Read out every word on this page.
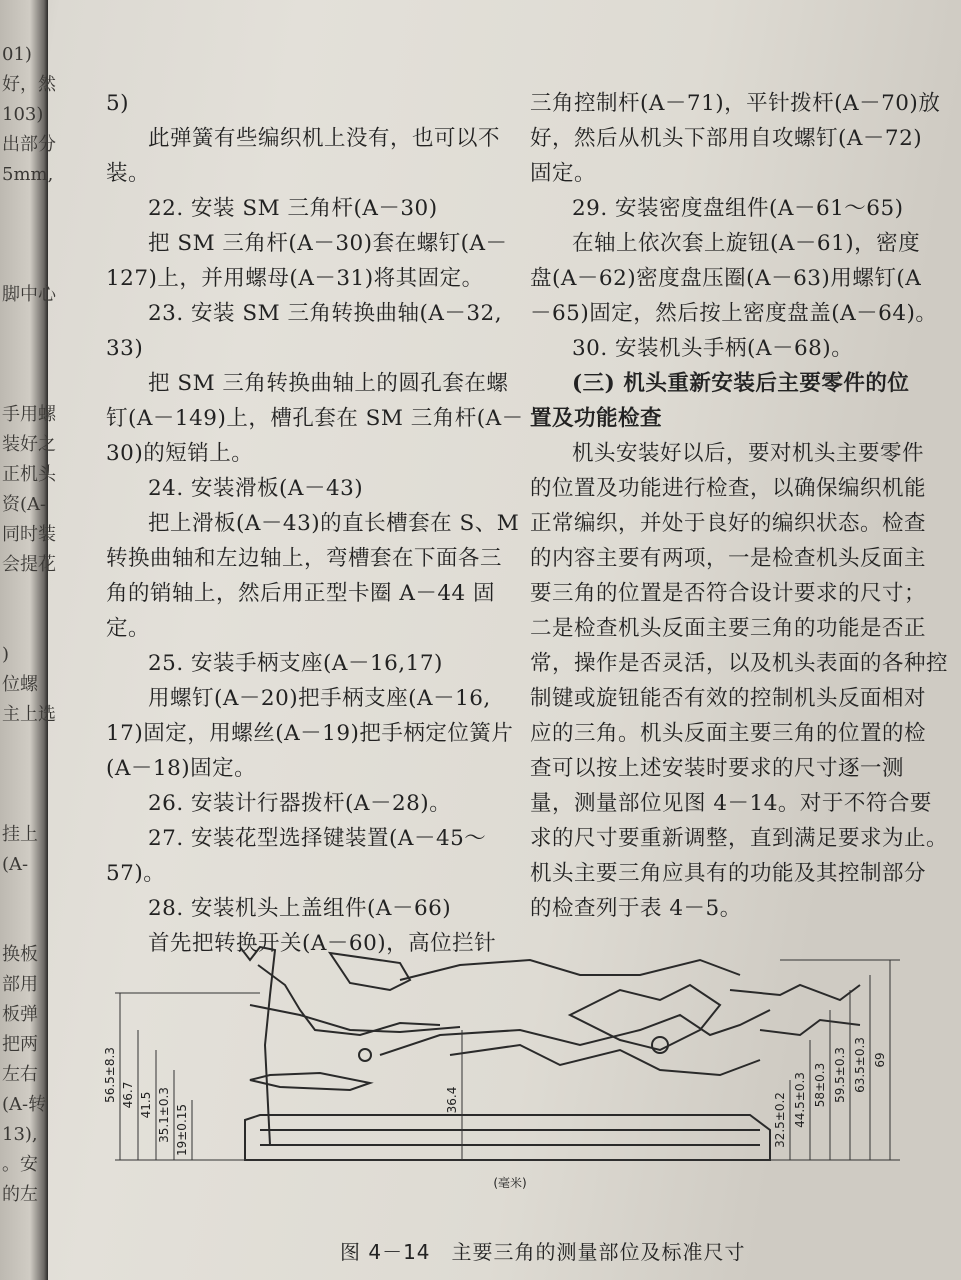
01)
好，然
103)
出部分
5mm,
脚中心
手用螺
装好之
正机头
资(A-
同时装
会提花
)
位螺
主上选
挂上
(A-
换板
部用
板弹
把两
左右
(A-转
13),
。安
的左
5)
此弹簧有些编织机上没有，也可以不
装。
22. 安装 SM 三角杆(A－30)
把 SM 三角杆(A－30)套在螺钉(A－
127)上，并用螺母(A－31)将其固定。
23. 安装 SM 三角转换曲轴(A－32,
33)
把 SM 三角转换曲轴上的圆孔套在螺
钉(A－149)上，槽孔套在 SM 三角杆(A－
30)的短销上。
24. 安装滑板(A－43)
把上滑板(A－43)的直长槽套在 S、M
转换曲轴和左边轴上，弯槽套在下面各三
角的销轴上，然后用正型卡圈 A－44 固
定。
25. 安装手柄支座(A－16,17)
用螺钉(A－20)把手柄支座(A－16,
17)固定，用螺丝(A－19)把手柄定位簧片
(A－18)固定。
26. 安装计行器拨杆(A－28)。
27. 安装花型选择键装置(A－45～
57)。
28. 安装机头上盖组件(A－66)
首先把转换开关(A－60)，高位拦针
三角控制杆(A－71)，平针拨杆(A－70)放
好，然后从机头下部用自攻螺钉(A－72)
固定。
29. 安装密度盘组件(A－61～65)
在轴上依次套上旋钮(A－61)，密度
盘(A－62)密度盘压圈(A－63)用螺钉(A
－65)固定，然后按上密度盘盖(A－64)。
30. 安装机头手柄(A－68)。
(三) 机头重新安装后主要零件的位
置及功能检查
机头安装好以后，要对机头主要零件
的位置及功能进行检查，以确保编织机能
正常编织，并处于良好的编织状态。检查
的内容主要有两项，一是检查机头反面主
要三角的位置是否符合设计要求的尺寸；
二是检查机头反面主要三角的功能是否正
常，操作是否灵活，以及机头表面的各种控
制键或旋钮能否有效的控制机头反面相对
应的三角。机头反面主要三角的位置的检
查可以按上述安装时要求的尺寸逐一测
量，测量部位见图 4－14。对于不符合要
求的尺寸要重新调整，直到满足要求为止。
机头主要三角应具有的功能及其控制部分
的检查列于表 4－5。
56.5±8.3 46.7 41.5 35.1±0.3 19±0.15
36.4	32.5±0.2 44.5±0.3 58±0.3 59.5±0.3 63.5±0.3 69
(毫米)
图 4－14　主要三角的测量部位及标准尺寸
